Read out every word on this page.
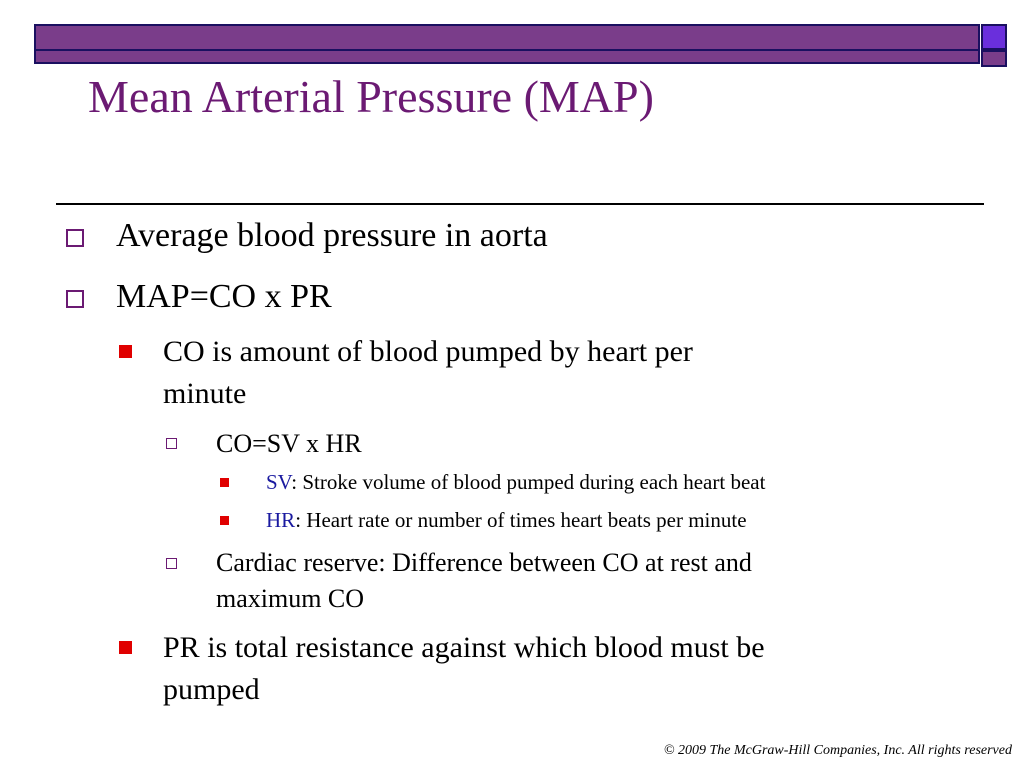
Mean Arterial Pressure (MAP)
Average blood pressure in aorta
MAP=CO x PR
CO is amount of blood pumped by heart per
minute
CO=SV x HR
SV: Stroke volume of blood pumped during each heart beat
HR: Heart rate or number of times heart beats per minute
Cardiac reserve: Difference between CO at rest and
maximum CO
PR is total resistance against which blood must be
pumped
© 2009 The McGraw-Hill Companies, Inc. All rights reserved
